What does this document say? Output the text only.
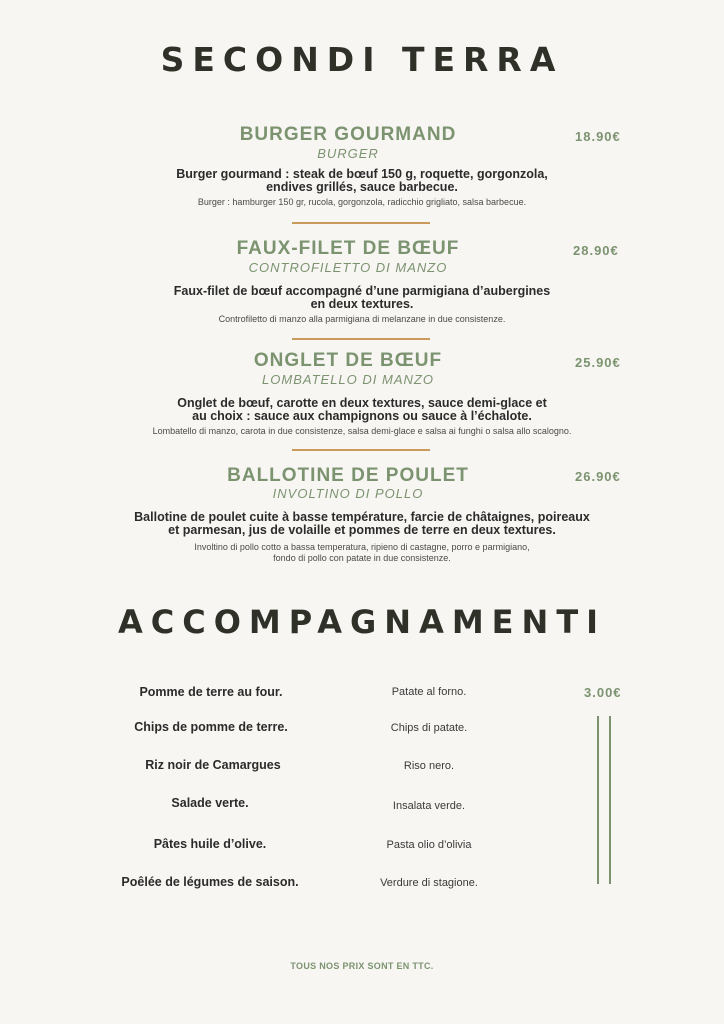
SECONDI TERRA
BURGER GOURMAND	18.90€
BURGER
Burger gourmand : steak de bœuf 150 g, roquette, gorgonzola,
endives grillés, sauce barbecue.
Burger : hamburger 150 gr, rucola, gorgonzola, radicchio grigliato, salsa barbecue.
FAUX-FILET DE BŒUF	28.90€
CONTROFILETTO DI MANZO
Faux-filet de bœuf accompagné d’une parmigiana d’aubergines
en deux textures.
Controfiletto di manzo alla parmigiana di melanzane in due consistenze.
ONGLET DE BŒUF	25.90€
LOMBATELLO DI MANZO
Onglet de bœuf, carotte en deux textures, sauce demi-glace et
au choix : sauce aux champignons ou sauce à l’échalote.
Lombatello di manzo, carota in due consistenze, salsa demi-glace e salsa ai funghi o salsa allo scalogno.
BALLOTINE DE POULET	26.90€
INVOLTINO DI POLLO
Ballotine de poulet cuite à basse température, farcie de châtaignes, poireaux
et parmesan, jus de volaille et pommes de terre en deux textures.
Involtino di pollo cotto a bassa temperatura, ripieno di castagne, porro e parmigiano,
fondo di pollo con patate in due consistenze.
ACCOMPAGNAMENTI
3.00€
Pomme de terre au four.	Patate al forno.
Chips de pomme de terre.	Chips di patate.
Riz noir de Camargues	Riso nero.
Salade verte.	Insalata verde.
Pâtes huile d’olive.	Pasta olio d’olivia
Poêlée de légumes de saison.	Verdure di stagione.
TOUS NOS PRIX SONT EN TTC.
